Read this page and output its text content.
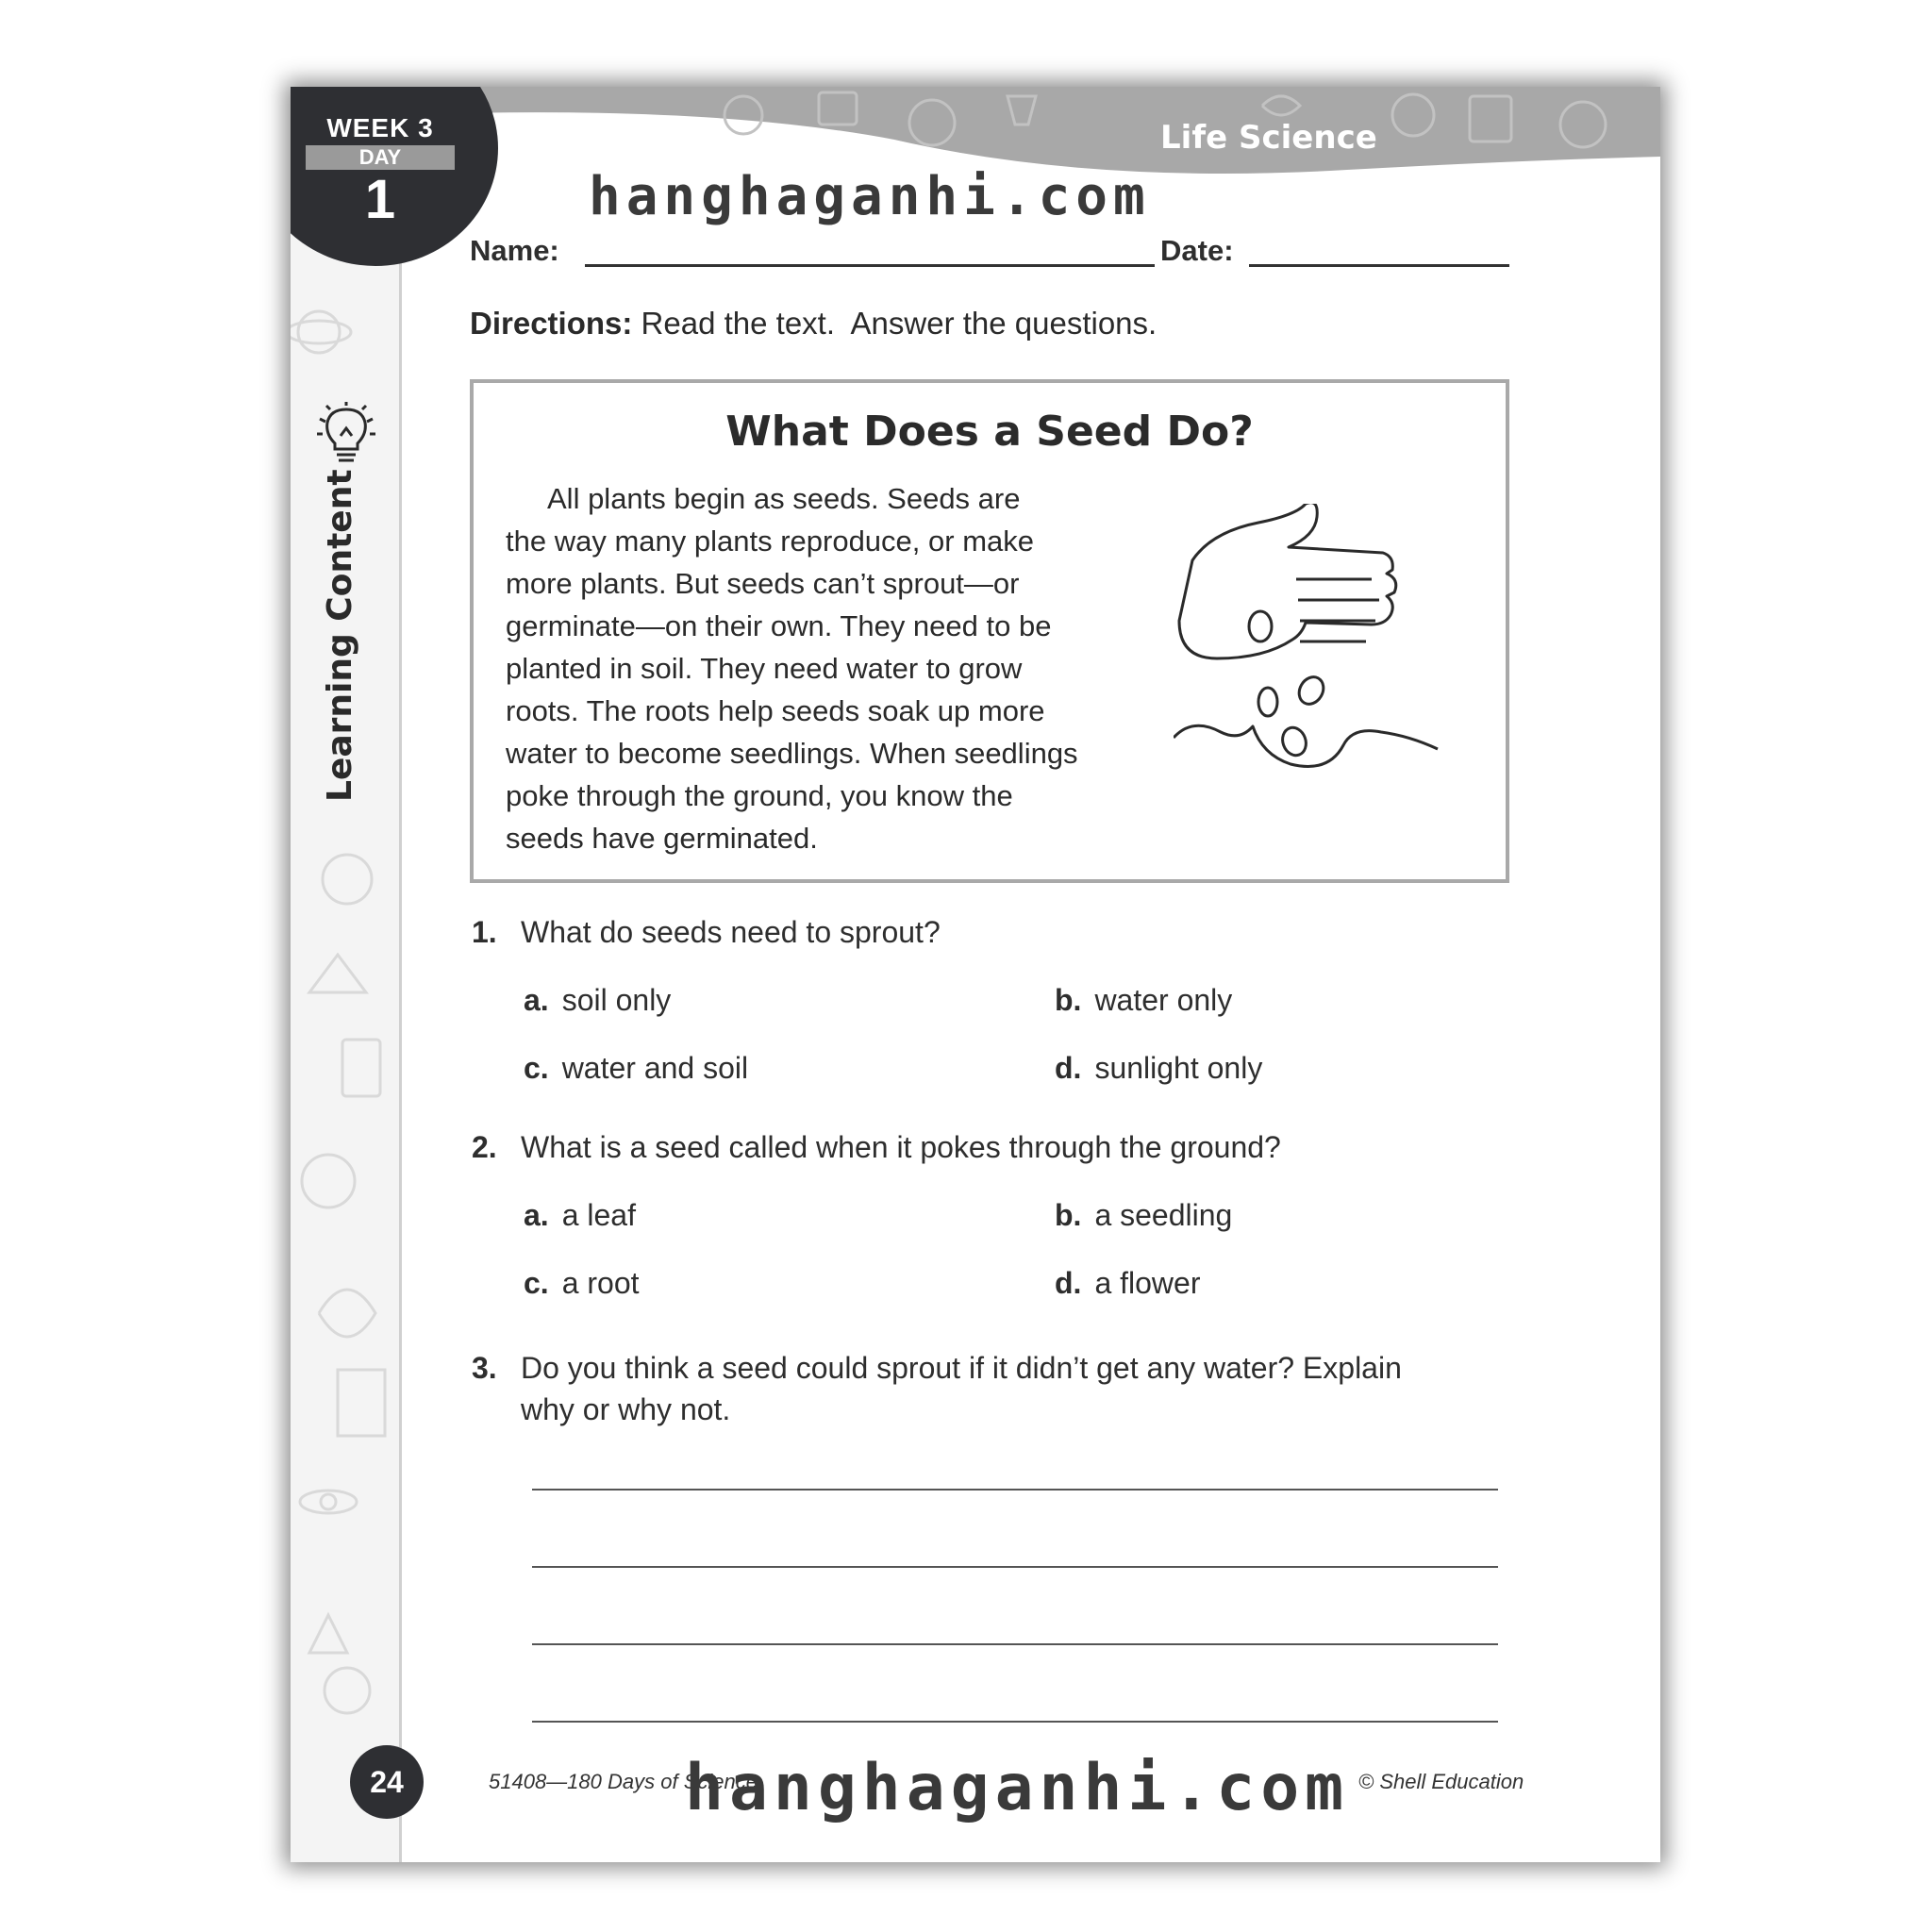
Learning Content
Life Science
WEEK 3
DAY
1
Name:	Date:
Directions: Read the text.  Answer the questions.
What Does a Seed Do?
All plants begin as seeds. Seeds are
the way many plants reproduce, or make
more plants. But seeds can’t sprout—or
germinate—on their own. They need to be
planted in soil. They need water to grow
roots. The roots help seeds soak up more
water to become seedlings. When seedlings
poke through the ground, you know the
seeds have germinated.
1. What do seeds need to sprout?
a. soil only	b. water only
c. water and soil	d. sunlight only
2. What is a seed called when it pokes through the ground?
a. a leaf	b. a seedling
c. a root	d. a flower
3. Do you think a seed could sprout if it didn’t get any water? Explain
why or why not.
24	51408—180 Days of Science	© Shell Education
hanghaganhi.com
hanghaganhi.com
